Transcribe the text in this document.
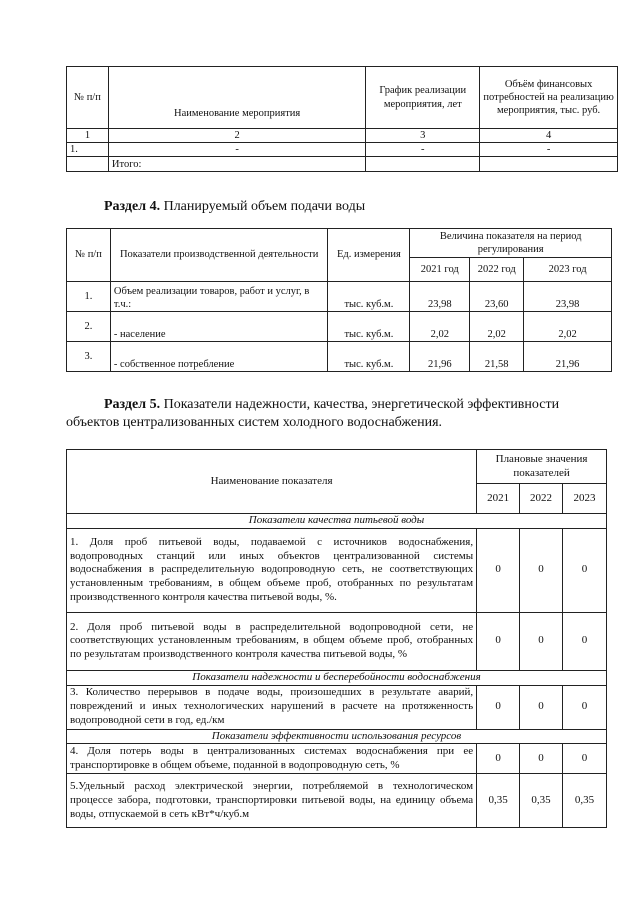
№ п/п	Наименование мероприятия	График реализации мероприятия, лет	Объём финансовых потребностей на реализацию мероприятия, тыс. руб.
1	2	3	4
1.	-	-	-
	Итого:		
Раздел 4. Планируемый объем подачи воды
№ п/п	Показатели производственной деятельности	Ед. измерения	Величина показателя на период регулирования		
			2021 год	2022 год	2023 год
1.	Объем реализации товаров, работ и услуг, в т.ч.:	тыс. куб.м.	23,98	23,60	23,98
2.	- население	тыс. куб.м.	2,02	2,02	2,02
3.	- собственное потребление	тыс. куб.м.	21,96	21,58	21,96
Раздел 5. Показатели надежности, качества, энергетической эффективности объектов централизованных систем холодного водоснабжения.
Наименование показателя	Плановые значения показателей		
	2021	2022	2023
Показатели качества питьевой воды			
1. Доля проб питьевой воды, подаваемой с источников водоснабжения, водопроводных станций или иных объектов централизованной системы водоснабжения в распределительную водопроводную сеть, не соответствующих установленным требованиям, в общем объеме проб, отобранных по результатам производственного контроля качества питьевой воды, %.	0	0	0
2. Доля проб питьевой воды в распределительной водопроводной сети, не соответствующих установленным требованиям, в общем объеме проб, отобранных по результатам производственного контроля качества питьевой воды, %	0	0	0
Показатели надежности и бесперебойности водоснабжения			
3. Количество перерывов в подаче воды, произошедших в результате аварий, повреждений и иных технологических нарушений в расчете на протяженность водопроводной сети в год, ед./км	0	0	0
Показатели эффективности использования ресурсов			
4. Доля потерь воды в централизованных системах водоснабжения при ее транспортировке в общем объеме, поданной в водопроводную сеть, %	0	0	0
5.Удельный расход электрической энергии, потребляемой в технологическом процессе забора, подготовки, транспортировки питьевой воды, на единицу объема воды, отпускаемой в сеть кВт*ч/куб.м	0,35	0,35	0,35
